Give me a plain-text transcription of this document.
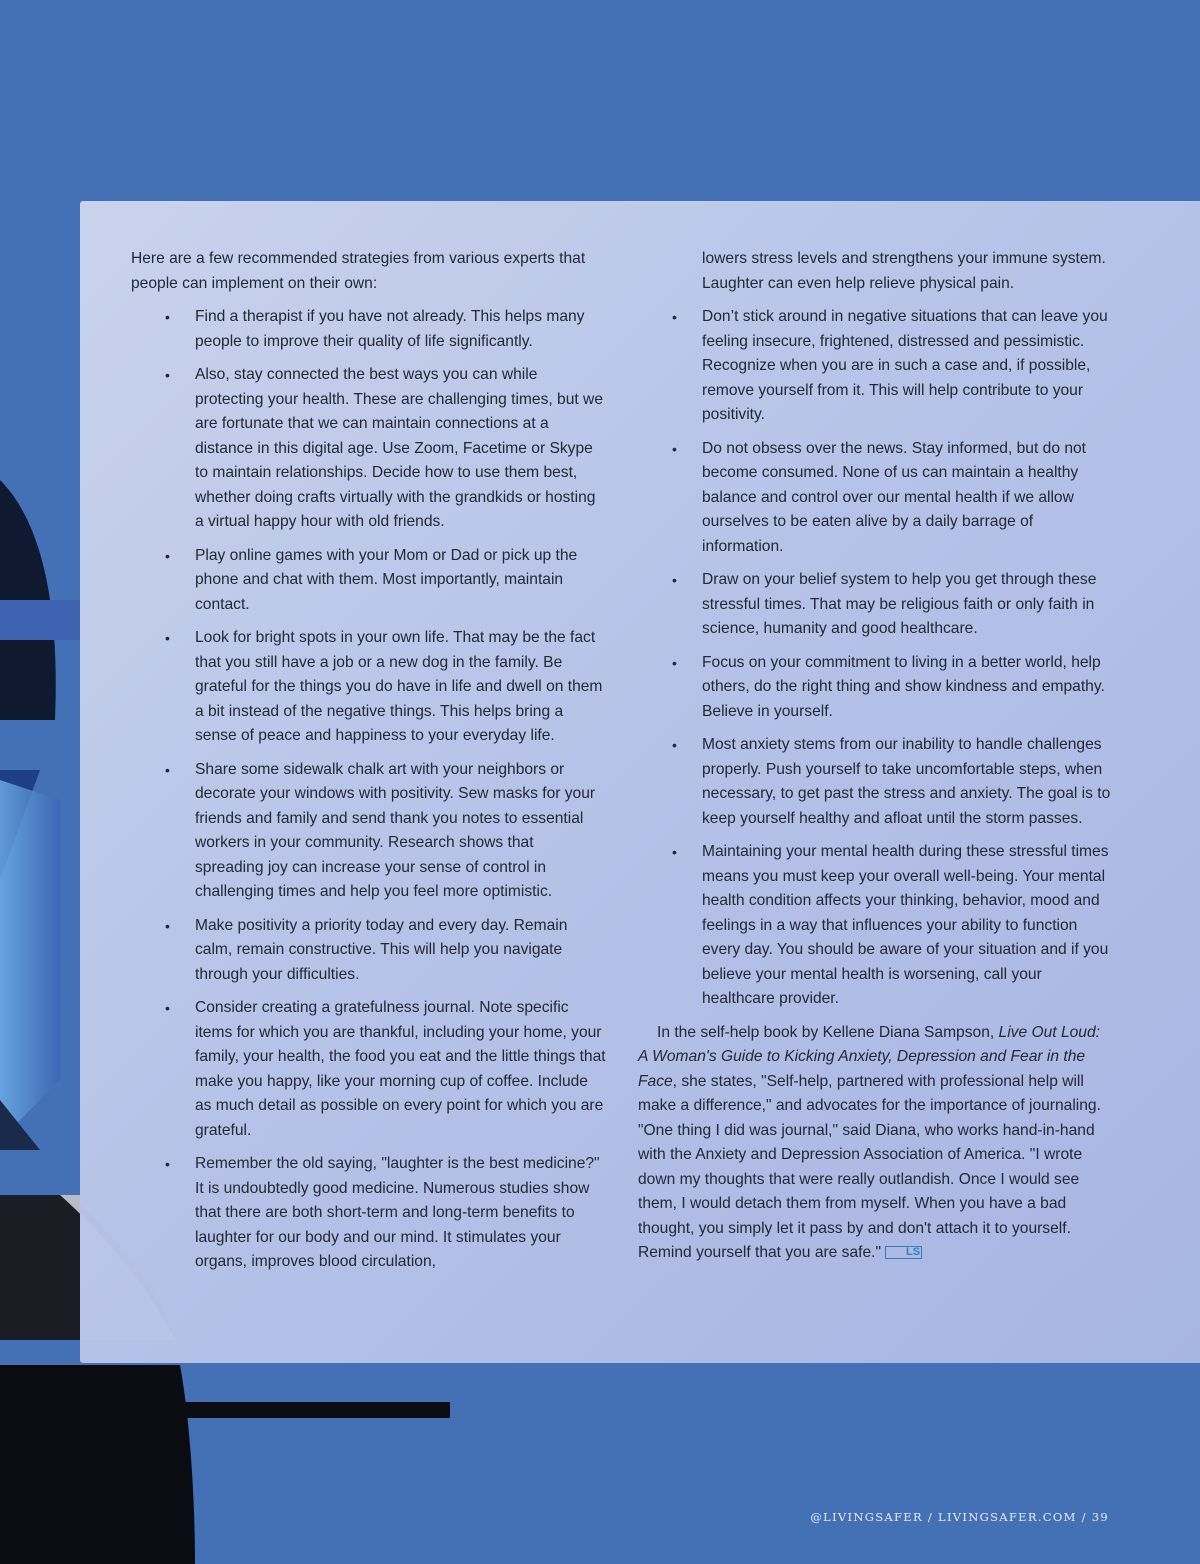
Here are a few recommended strategies from various experts that people can implement on their own:

• Find a therapist if you have not already. This helps many people to improve their quality of life significantly.
• Also, stay connected the best ways you can while protecting your health. These are challenging times, but we are fortunate that we can maintain connections at a distance in this digital age. Use Zoom, Facetime or Skype to maintain relationships. Decide how to use them best, whether doing crafts virtually with the grandkids or hosting a virtual happy hour with old friends.
• Play online games with your Mom or Dad or pick up the phone and chat with them. Most importantly, maintain contact.
• Look for bright spots in your own life. That may be the fact that you still have a job or a new dog in the family. Be grateful for the things you do have in life and dwell on them a bit instead of the negative things. This helps bring a sense of peace and happiness to your everyday life.
• Share some sidewalk chalk art with your neighbors or decorate your windows with positivity. Sew masks for your friends and family and send thank you notes to essential workers in your community. Research shows that spreading joy can increase your sense of control in challenging times and help you feel more optimistic.
• Make positivity a priority today and every day. Remain calm, remain constructive. This will help you navigate through your difficulties.
• Consider creating a gratefulness journal. Note specific items for which you are thankful, including your home, your family, your health, the food you eat and the little things that make you happy, like your morning cup of coffee. Include as much detail as possible on every point for which you are grateful.
• Remember the old saying, "laughter is the best medicine?" It is undoubtedly good medicine. Numerous studies show that there are both short-term and long-term benefits to laughter for our body and our mind. It stimulates your organs, improves blood circulation,

lowers stress levels and strengthens your immune system. Laughter can even help relieve physical pain.

• Don’t stick around in negative situations that can leave you feeling insecure, frightened, distressed and pessimistic. Recognize when you are in such a case and, if possible, remove yourself from it. This will help contribute to your positivity.
• Do not obsess over the news. Stay informed, but do not become consumed. None of us can maintain a healthy balance and control over our mental health if we allow ourselves to be eaten alive by a daily barrage of information.
• Draw on your belief system to help you get through these stressful times. That may be religious faith or only faith in science, humanity and good healthcare.
• Focus on your commitment to living in a better world, help others, do the right thing and show kindness and empathy. Believe in yourself.
• Most anxiety stems from our inability to handle challenges properly. Push yourself to take uncomfortable steps, when necessary, to get past the stress and anxiety. The goal is to keep yourself healthy and afloat until the storm passes.
• Maintaining your mental health during these stressful times means you must keep your overall well-being. Your mental health condition affects your thinking, behavior, mood and feelings in a way that influences your ability to function every day. You should be aware of your situation and if you believe your mental health is worsening, call your healthcare provider.

In the self-help book by Kellene Diana Sampson, Live Out Loud: A Woman's Guide to Kicking Anxiety, Depression and Fear in the Face, she states, "Self-help, partnered with professional help will make a difference," and advocates for the importance of journaling. "One thing I did was journal," said Diana, who works hand-in-hand with the Anxiety and Depression Association of America. "I wrote down my thoughts that were really outlandish. Once I would see them, I would detach them from myself. When you have a bad thought, you simply let it pass by and don't attach it to yourself. Remind yourself that you are safe." LS

@LIVINGSAFER / LIVINGSAFER.COM / 39
